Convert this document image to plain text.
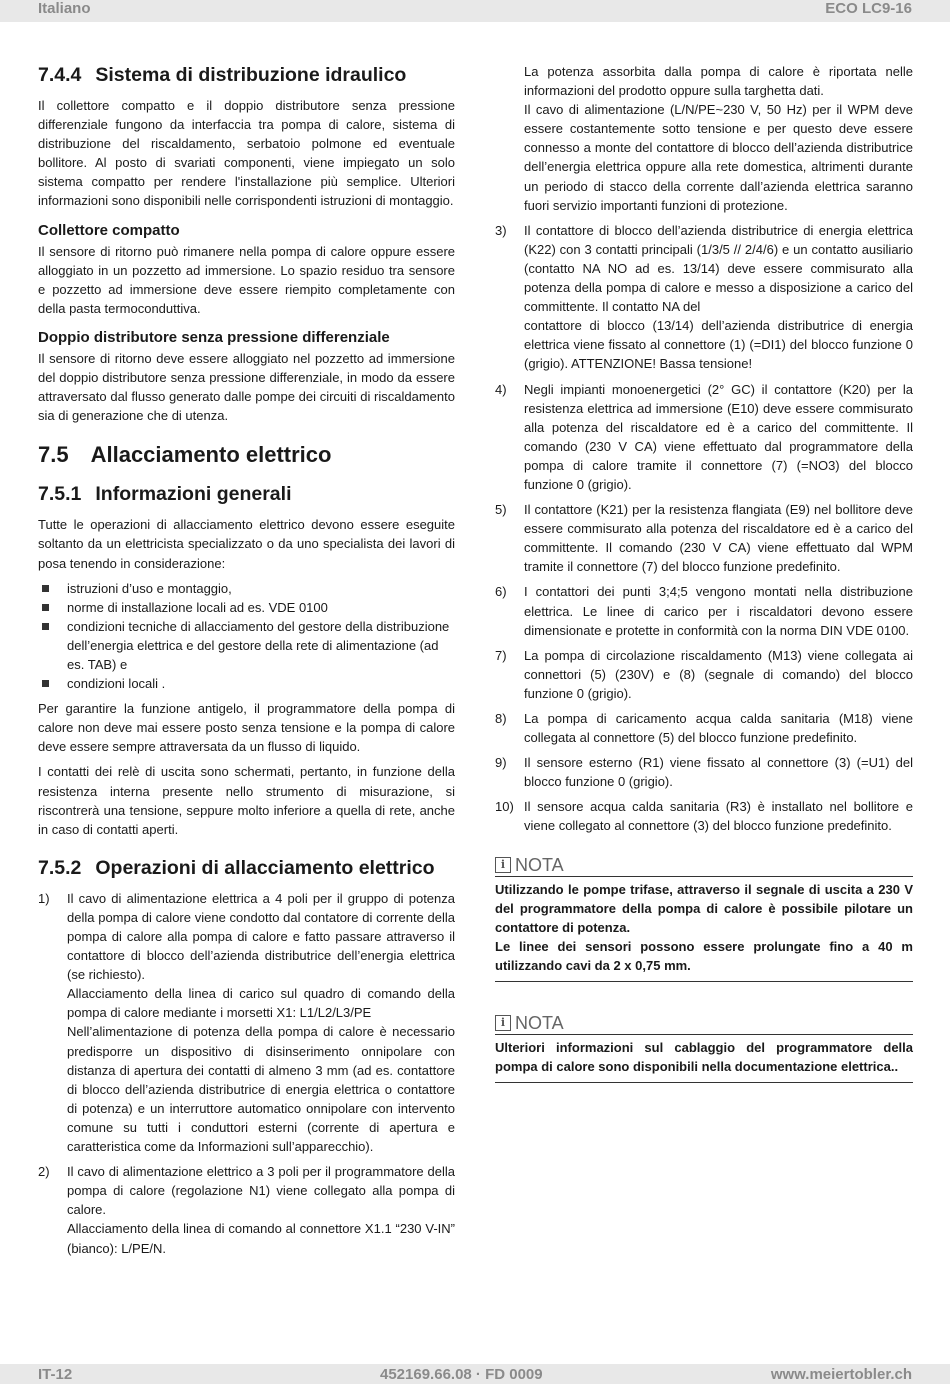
Italiano	ECO LC9-16
7.4.4 Sistema di distribuzione idraulico

Il collettore compatto e il doppio distributore senza pressione differenziale fungono da interfaccia tra pompa di calore, sistema di distribuzione del riscaldamento, serbatoio polmone ed eventuale bollitore. Al posto di svariati componenti, viene impiegato un solo sistema compatto per rendere l'installazione più semplice. Ulteriori informazioni sono disponibili nelle corrispondenti istruzioni di montaggio.

Collettore compatto

Il sensore di ritorno può rimanere nella pompa di calore oppure essere alloggiato in un pozzetto ad immersione. Lo spazio residuo tra sensore e pozzetto ad immersione deve essere riempito completamente con della pasta termoconduttiva.

Doppio distributore senza pressione differenziale

Il sensore di ritorno deve essere alloggiato nel pozzetto ad immersione del doppio distributore senza pressione differenziale, in modo da essere attraversato dal flusso generato dalle pompe dei circuiti di riscaldamento sia di generazione che di utenza.

7.5 Allacciamento elettrico
7.5.1 Informazioni generali

Tutte le operazioni di allacciamento elettrico devono essere eseguite soltanto da un elettricista specializzato o da uno specialista dei lavori di posa tenendo in considerazione:

istruzioni d’uso e montaggio,
norme di installazione locali ad es. VDE 0100
condizioni tecniche di allacciamento del gestore della distribuzione dell’energia elettrica e del gestore della rete di alimentazione (ad es. TAB) e
condizioni locali .

Per garantire la funzione antigelo, il programmatore della pompa di calore non deve mai essere posto senza tensione e la pompa di calore deve essere sempre attraversata da un flusso di liquido.

I contatti dei relè di uscita sono schermati, pertanto, in funzione della resistenza interna presente nello strumento di misurazione, si riscontrerà una tensione, seppure molto inferiore a quella di rete, anche in caso di contatti aperti.

7.5.2 Operazioni di allacciamento elettrico
1) Il cavo di alimentazione elettrica a 4 poli per il gruppo di potenza della pompa di calore viene condotto dal contatore di corrente della pompa di calore alla pompa di calore e fatto passare attraverso il contattore di blocco dell’azienda distributrice dell’energia elettrica (se richiesto).
Allacciamento della linea di carico sul quadro di comando della pompa di calore mediante i morsetti X1: L1/L2/L3/PE
Nell’alimentazione di potenza della pompa di calore è necessario predisporre un dispositivo di disinserimento onnipolare con distanza di apertura dei contatti di almeno 3 mm (ad es. contattore di blocco dell’azienda distributrice di energia elettrica o contattore di potenza) e un interruttore automatico onnipolare con intervento comune su tutti i conduttori esterni (corrente di apertura e caratteristica come da Informazioni sull’apparecchio).
2) Il cavo di alimentazione elettrico a 3 poli per il programmatore della pompa di calore (regolazione N1) viene collegato alla pompa di calore.
Allacciamento della linea di comando al connettore X1.1 “230 V-IN” (bianco): L/PE/N.
La potenza assorbita dalla pompa di calore è riportata nelle informazioni del prodotto oppure sulla targhetta dati.
Il cavo di alimentazione (L/N/PE~230 V, 50 Hz) per il WPM deve essere costantemente sotto tensione e per questo deve essere connesso a monte del contattore di blocco dell’azienda distributrice dell’energia elettrica oppure alla rete domestica, altrimenti durante un periodo di stacco della corrente dall’azienda elettrica saranno fuori servizio importanti funzioni di protezione.
3) Il contattore di blocco dell’azienda distributrice di energia elettrica (K22) con 3 contatti principali (1/3/5 // 2/4/6) e un contatto ausiliario (contatto NA NO ad es. 13/14) deve essere commisurato alla potenza della pompa di calore e messo a disposizione a carico del committente. Il contatto NA del
contattore di blocco (13/14) dell’azienda distributrice di energia elettrica viene fissato al connettore (1) (=DI1) del blocco funzione 0 (grigio). ATTENZIONE! Bassa tensione!
4) Negli impianti monoenergetici (2° GC) il contattore (K20) per la resistenza elettrica ad immersione (E10) deve essere commisurato alla potenza del riscaldatore ed è a carico del committente. Il comando (230 V CA) viene effettuato dal programmatore della pompa di calore tramite il connettore (7) (=NO3) del blocco funzione 0 (grigio).
5) Il contattore (K21) per la resistenza flangiata (E9) nel bollitore deve essere commisurato alla potenza del riscaldatore ed è a carico del committente. Il comando (230 V CA) viene effettuato dal WPM tramite il connettore (7) del blocco funzione predefinito.
6) I contattori dei punti 3;4;5 vengono montati nella distribuzione elettrica. Le linee di carico per i riscaldatori devono essere dimensionate e protette in conformità con la norma DIN VDE 0100.
7) La pompa di circolazione riscaldamento (M13) viene collegata ai connettori (5) (230V) e (8) (segnale di comando) del blocco funzione 0 (grigio).
8) La pompa di caricamento acqua calda sanitaria (M18) viene collegata al connettore (5) del blocco funzione predefinito.
9) Il sensore esterno (R1) viene fissato al connettore (3) (=U1) del blocco funzione 0 (grigio).
10) Il sensore acqua calda sanitaria (R3) è installato nel bollitore e viene collegato al connettore (3) del blocco funzione predefinito.
i NOTA

Utilizzando le pompe trifase, attraverso il segnale di uscita a 230 V del programmatore della pompa di calore è possibile pilotare un contattore di potenza.

Le linee dei sensori possono essere prolungate fino a 40 m utilizzando cavi da 2 x 0,75 mm.

i NOTA

Ulteriori informazioni sul cablaggio del programmatore della pompa di calore sono disponibili nella documentazione elettrica..

IT-12	452169.66.08 · FD 0009	www.meiertobler.ch
